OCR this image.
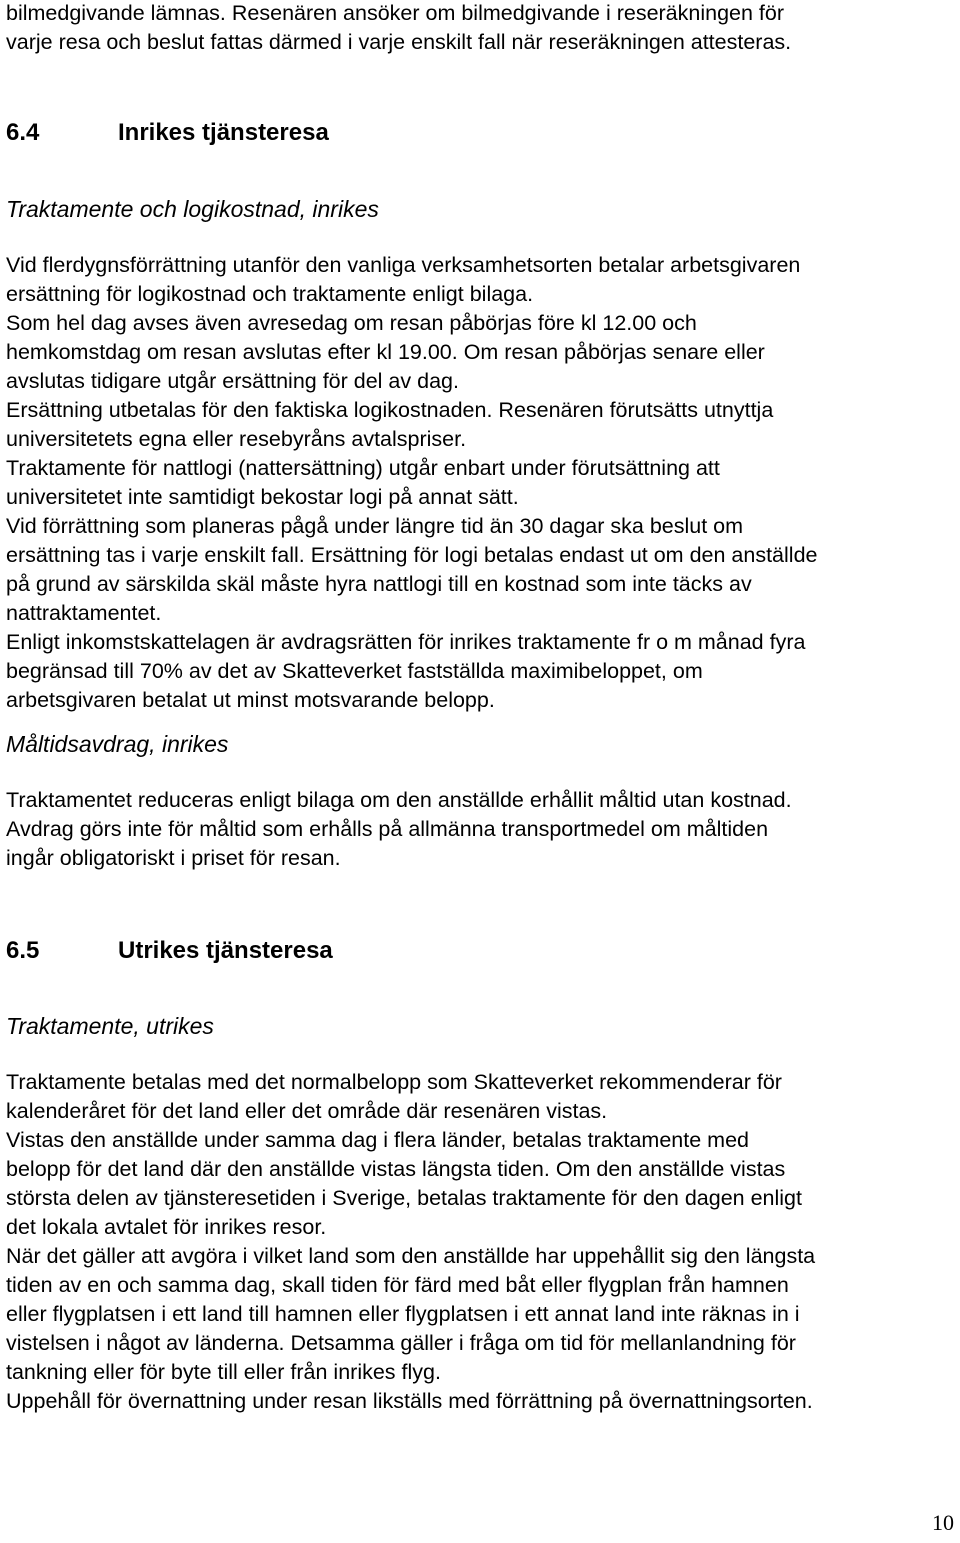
bilmedgivande lämnas. Resenären ansöker om bilmedgivande i reseräkningen för
varje resa och beslut fattas därmed i varje enskilt fall när reseräkningen attesteras.
6.4	Inrikes tjänsteresa
Traktamente och logikostnad, inrikes
Vid flerdygnsförrättning utanför den vanliga verksamhetsorten betalar arbetsgivaren
ersättning för logikostnad och traktamente enligt bilaga.
Som hel dag avses även avresedag om resan påbörjas före kl 12.00 och
hemkomstdag om resan avslutas efter kl 19.00. Om resan påbörjas senare eller
avslutas tidigare utgår ersättning för del av dag.
Ersättning utbetalas för den faktiska logikostnaden. Resenären förutsätts utnyttja
universitetets egna eller resebyråns avtalspriser.
Traktamente för nattlogi (nattersättning) utgår enbart under förutsättning att
universitetet inte samtidigt bekostar logi på annat sätt.
Vid förrättning som planeras pågå under längre tid än 30 dagar ska beslut om
ersättning tas i varje enskilt fall. Ersättning för logi betalas endast ut om den anställde
på grund av särskilda skäl måste hyra nattlogi till en kostnad som inte täcks av
nattraktamentet.
Enligt inkomstskattelagen är avdragsrätten för inrikes traktamente fr o m månad fyra
begränsad till 70% av det av Skatteverket fastställda maximibeloppet, om
arbetsgivaren betalat ut minst motsvarande belopp.
Måltidsavdrag, inrikes
Traktamentet reduceras enligt bilaga om den anställde erhållit måltid utan kostnad.
Avdrag görs inte för måltid som erhålls på allmänna transportmedel om måltiden
ingår obligatoriskt i priset för resan.
6.5	Utrikes tjänsteresa
Traktamente, utrikes
Traktamente betalas med det normalbelopp som Skatteverket rekommenderar för
kalenderåret för det land eller det område där resenären vistas.
Vistas den anställde under samma dag i flera länder, betalas traktamente med
belopp för det land där den anställde vistas längsta tiden. Om den anställde vistas
största delen av tjänsteresetiden i Sverige, betalas traktamente för den dagen enligt
det lokala avtalet för inrikes resor.
När det gäller att avgöra i vilket land som den anställde har uppehållit sig den längsta
tiden av en och samma dag, skall tiden för färd med båt eller flygplan från hamnen
eller flygplatsen i ett land till hamnen eller flygplatsen i ett annat land inte räknas in i
vistelsen i något av länderna. Detsamma gäller i fråga om tid för mellanlandning för
tankning eller för byte till eller från inrikes flyg.
Uppehåll för övernattning under resan likställs med förrättning på övernattningsorten.
10
